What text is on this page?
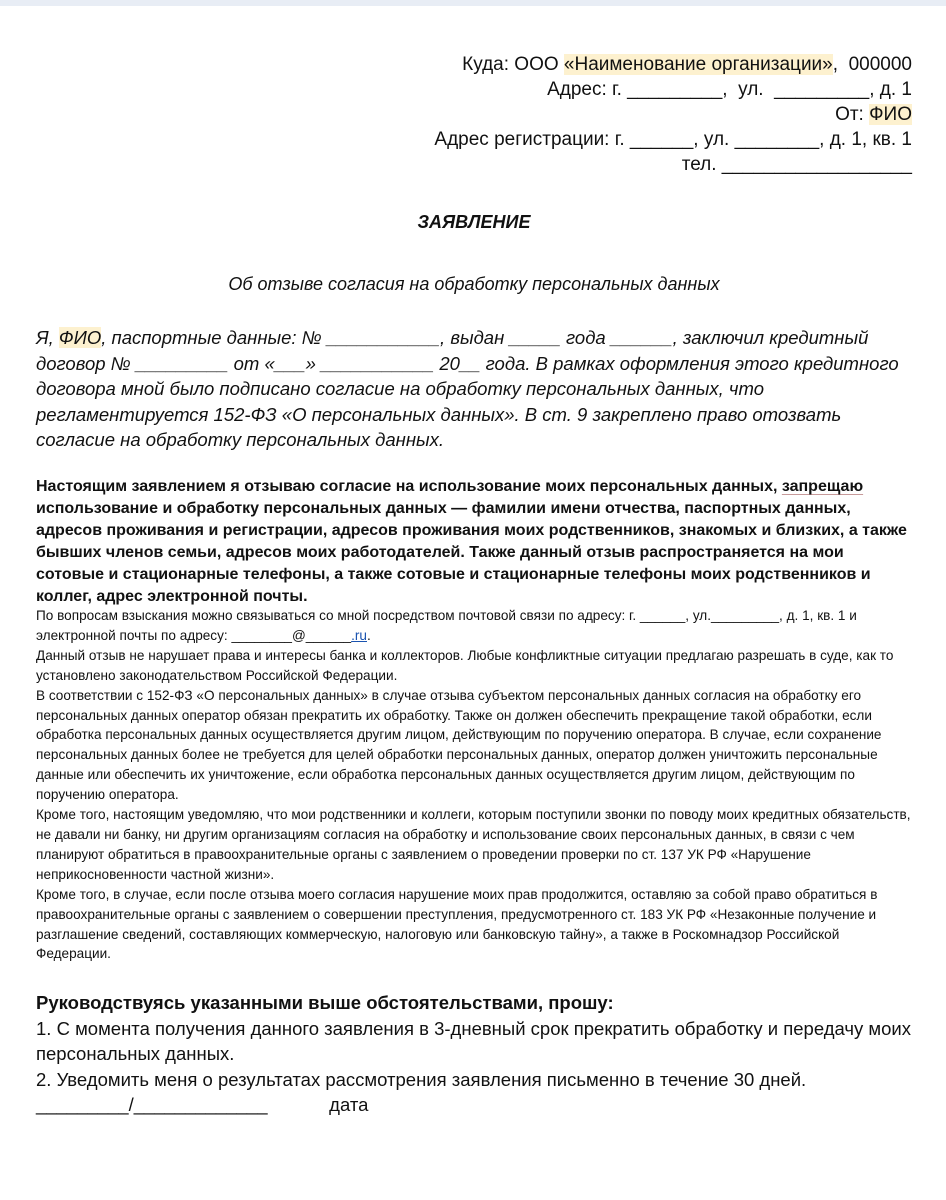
Куда: ООО «Наименование организации»,  000000
Адрес: г. _________,  ул.  _________, д. 1
От: ФИО
Адрес регистрации: г. ______, ул. ________, д. 1, кв. 1
тел. __________________
ЗАЯВЛЕНИЕ
Об отзыве согласия на обработку персональных данных
Я, ФИО, паспортные данные: № ___________, выдан _____ года ______, заключил кредитный договор № _________ от «___» ___________ 20__ года. В рамках оформления этого кредитного договора мной было подписано согласие на обработку персональных данных, что регламентируется 152-ФЗ «О персональных данных». В ст. 9 закреплено право отозвать согласие на обработку персональных данных.
Настоящим заявлением я отзываю согласие на использование моих персональных данных, запрещаю использование и обработку персональных данных — фамилии имени отчества, паспортных данных, адресов проживания и регистрации, адресов проживания моих родственников, знакомых и близких, а также бывших членов семьи, адресов моих работодателей. Также данный отзыв распространяется на мои сотовые и стационарные телефоны, а также сотовые и стационарные телефоны моих родственников и коллег, адрес электронной почты.

По вопросам взыскания можно связываться со мной посредством почтовой связи по адресу: г. ______, ул._________, д. 1, кв. 1 и электронной почты по адресу: ________@______.ru.

Данный отзыв не нарушает права и интересы банка и коллекторов. Любые конфликтные ситуации предлагаю разрешать в суде, как то установлено законодательством Российской Федерации.

В соответствии с 152-ФЗ «О персональных данных» в случае отзыва субъектом персональных данных согласия на обработку его персональных данных оператор обязан прекратить их обработку. Также он должен обеспечить прекращение такой обработки, если обработка персональных данных осуществляется другим лицом, действующим по поручению оператора. В случае, если сохранение персональных данных более не требуется для целей обработки персональных данных, оператор должен уничтожить персональные данные или обеспечить их уничтожение, если обработка персональных данных осуществляется другим лицом, действующим по поручению оператора.

Кроме того, настоящим уведомляю, что мои родственники и коллеги, которым поступили звонки по поводу моих кредитных обязательств, не давали ни банку, ни другим организациям согласия на обработку и использование своих персональных данных, в связи с чем планируют обратиться в правоохранительные органы с заявлением о проведении проверки по ст. 137 УК РФ «Нарушение неприкосновенности частной жизни».

Кроме того, в случае, если после отзыва моего согласия нарушение моих прав продолжится, оставляю за собой право обратиться в правоохранительные органы с заявлением о совершении преступления, предусмотренного ст. 183 УК РФ «Незаконные получение и разглашение сведений, составляющих коммерческую, налоговую или банковскую тайну», а также в Роскомнадзор Российской Федерации.

Руководствуясь указанными выше обстоятельствами, прошу:

1. С момента получения данного заявления в 3-дневный срок прекратить обработку и передачу моих персональных данных.

2. Уведомить меня о результатах рассмотрения заявления письменно в течение 30 дней.

_________/_____________            дата
